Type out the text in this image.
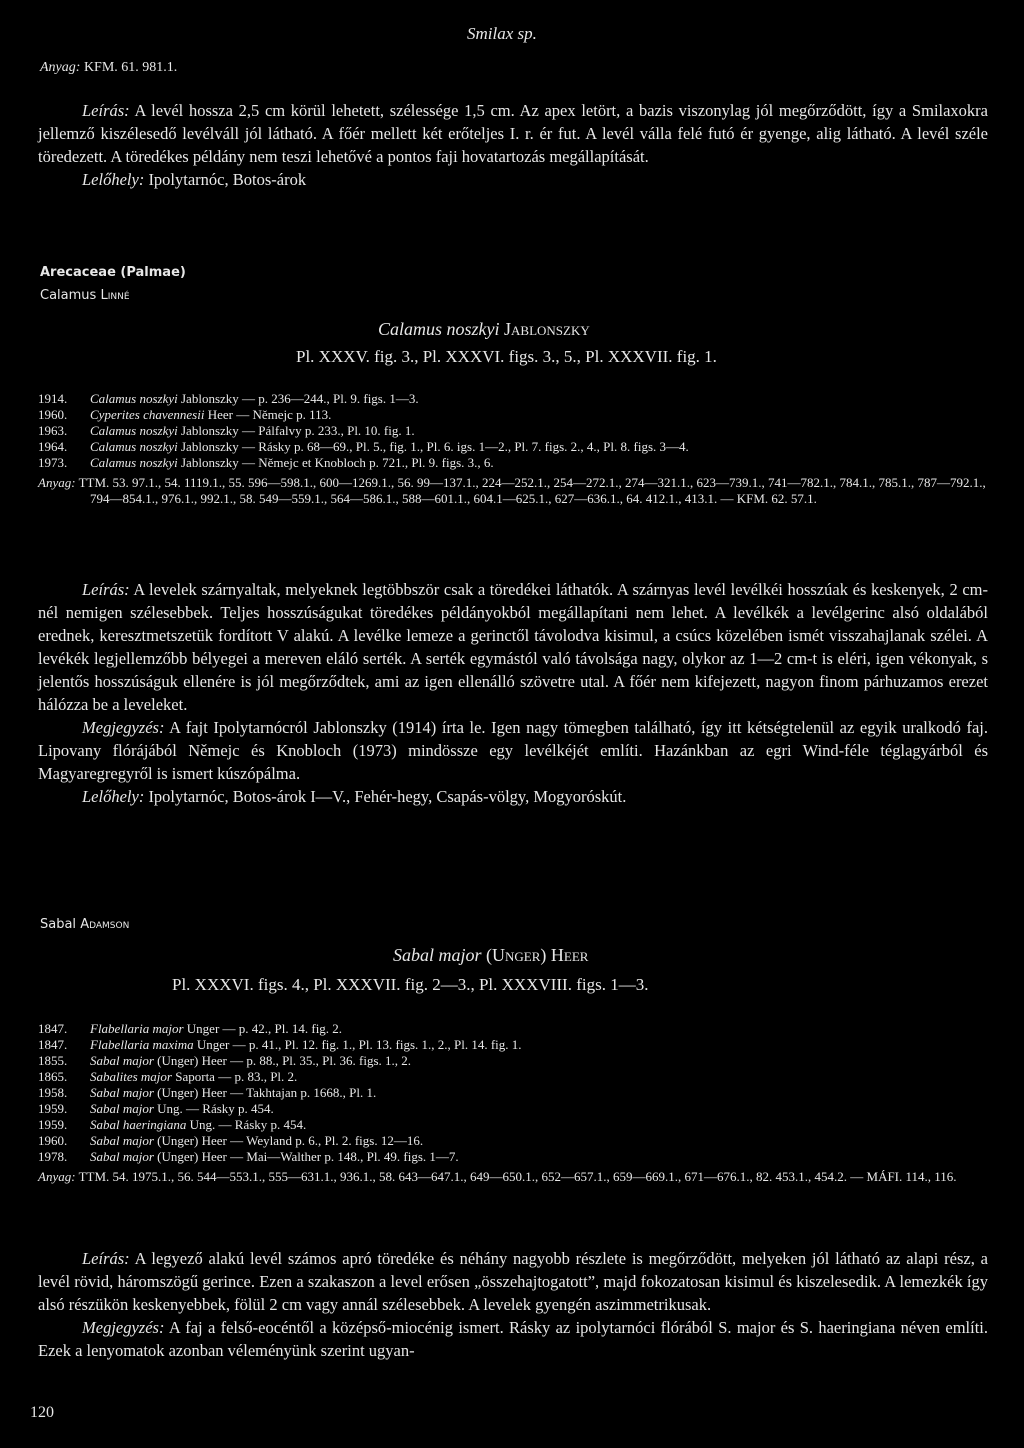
Smilax sp.
Anyag: KFM. 61. 981.1.

Leírás: A levél hossza 2,5 cm körül lehetett, szélessége 1,5 cm. Az apex letört, a bazis viszonylag jól megőrződött, így a Smilaxokra jellemző kiszélesedő levélváll jól látható. A főér mellett két erőteljes I. r. ér fut. A levél válla felé futó ér gyenge, alig látható. A levél széle töredezett. A töredékes példány nem teszi lehetővé a pontos faji hovatartozás megállapítását.

Lelőhely: Ipolytarnóc, Botos-árok

Arecaceae (Palmae)
Calamus Linné
Calamus noszkyi Jablonszky
Pl. XXXV. fig. 3., Pl. XXXVI. figs. 3., 5., Pl. XXXVII. fig. 1.
1914.	Calamus noszkyi Jablonszky — p. 236—244., Pl. 9. figs. 1—3.
1960.	Cyperites chavennesii Heer — Němejc p. 113.
1963.	Calamus noszkyi Jablonszky — Pálfalvy p. 233., Pl. 10. fig. 1.
1964.	Calamus noszkyi Jablonszky — Rásky p. 68—69., Pl. 5., fig. 1., Pl. 6. igs. 1—2., Pl. 7. figs. 2., 4., Pl. 8. figs. 3—4.
1973.	Calamus noszkyi Jablonszky — Němejc et Knobloch p. 721., Pl. 9. figs. 3., 6.
Anyag: TTM. 53. 97.1., 54. 1119.1., 55. 596—598.1., 600—1269.1., 56. 99—137.1., 224—252.1., 254—272.1., 274—321.1., 623—739.1., 741—782.1., 784.1., 785.1., 787—792.1., 794—854.1., 976.1., 992.1., 58. 549—559.1., 564—586.1., 588—601.1., 604.1—625.1., 627—636.1., 64. 412.1., 413.1. — KFM. 62. 57.1.

Leírás: A levelek szárnyaltak, melyeknek legtöbbször csak a töredékei láthatók. A szárnyas levél levélkéi hosszúak és keskenyek, 2 cm-nél nemigen szélesebbek. Teljes hosszúságukat töredékes példányokból megállapítani nem lehet. A levélkék a levélgerinc alsó oldalából erednek, keresztmetszetük fordított V alakú. A levélke lemeze a gerinctől távolodva kisimul, a csúcs közelében ismét visszahajlanak szélei. A levékék legjellemzőbb bélyegei a mereven eláló serték. A serték egymástól való távolsága nagy, olykor az 1—2 cm-t is eléri, igen vékonyak, s jelentős hosszúságuk ellenére is jól megőrződtek, ami az igen ellenálló szövetre utal. A főér nem kifejezett, nagyon finom párhuzamos erezet hálózza be a leveleket.

Megjegyzés: A fajt Ipolytarnócról Jablonszky (1914) írta le. Igen nagy tömegben található, így itt kétségtelenül az egyik uralkodó faj. Lipovany flórájából Němejc és Knobloch (1973) mindössze egy levélkéjét említi. Hazánkban az egri Wind-féle téglagyárból és Magyaregregyről is ismert kúszópálma.

Lelőhely: Ipolytarnóc, Botos-árok I—V., Fehér-hegy, Csapás-völgy, Mogyoróskút.

Sabal Adamson
Sabal major (Unger) Heer
Pl. XXXVI. figs. 4., Pl. XXXVII. fig. 2—3., Pl. XXXVIII. figs. 1—3.
1847.	Flabellaria major Unger — p. 42., Pl. 14. fig. 2.
1847.	Flabellaria maxima Unger — p. 41., Pl. 12. fig. 1., Pl. 13. figs. 1., 2., Pl. 14. fig. 1.
1855.	Sabal major (Unger) Heer — p. 88., Pl. 35., Pl. 36. figs. 1., 2.
1865.	Sabalites major Saporta — p. 83., Pl. 2.
1958.	Sabal major (Unger) Heer — Takhtajan p. 1668., Pl. 1.
1959.	Sabal major Ung. — Rásky p. 454.
1959.	Sabal haeringiana Ung. — Rásky p. 454.
1960.	Sabal major (Unger) Heer — Weyland p. 6., Pl. 2. figs. 12—16.
1978.	Sabal major (Unger) Heer — Mai—Walther p. 148., Pl. 49. figs. 1—7.
Anyag: TTM. 54. 1975.1., 56. 544—553.1., 555—631.1., 936.1., 58. 643—647.1., 649—650.1., 652—657.1., 659—669.1., 671—676.1., 82. 453.1., 454.2. — MÁFI. 114., 116.

Leírás: A legyező alakú levél számos apró töredéke és néhány nagyobb részlete is megőrződött, melyeken jól látható az alapi rész, a levél rövid, háromszögű gerince. Ezen a szakaszon a level erősen „összehajtogatott”, majd fokozatosan kisimul és kiszelesedik. A lemezkék így alsó részükön keskenyebbek, fölül 2 cm vagy annál szélesebbek. A levelek gyengén aszimmetrikusak.

Megjegyzés: A faj a felső-eocéntől a középső-miocénig ismert. Rásky az ipolytarnóci flórából S. major és S. haeringiana néven említi. Ezek a lenyomatok azonban véleményünk szerint ugyan-

120
